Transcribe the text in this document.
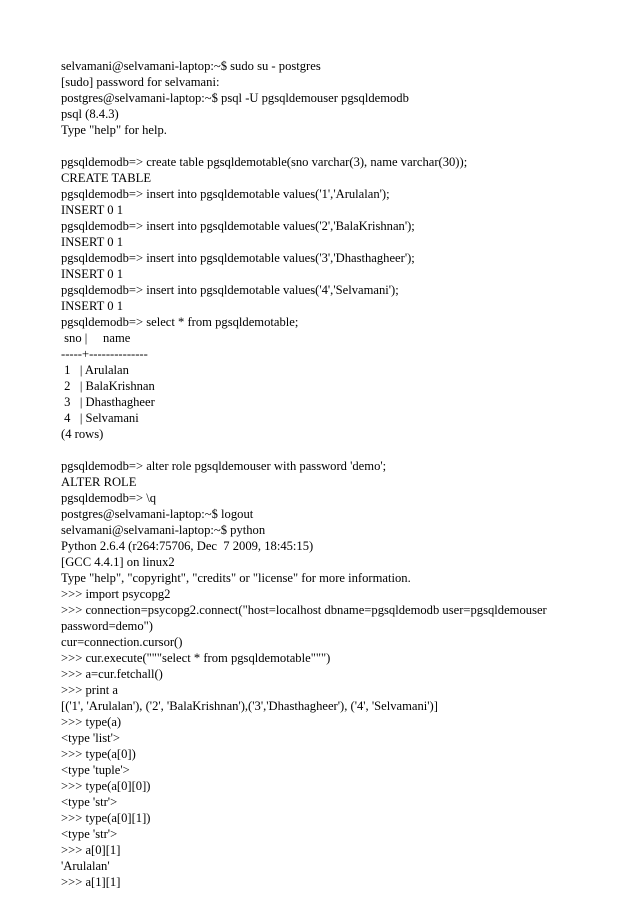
selvamani@selvamani-laptop:~$ sudo su - postgres
[sudo] password for selvamani:
postgres@selvamani-laptop:~$ psql -U pgsqldemouser pgsqldemodb
psql (8.4.3)
Type "help" for help.
pgsqldemodb=> create table pgsqldemotable(sno varchar(3), name varchar(30));
CREATE TABLE
pgsqldemodb=> insert into pgsqldemotable values('1','Arulalan');
INSERT 0 1
pgsqldemodb=> insert into pgsqldemotable values('2','BalaKrishnan');
INSERT 0 1
pgsqldemodb=> insert into pgsqldemotable values('3','Dhasthagheer');
INSERT 0 1
pgsqldemodb=> insert into pgsqldemotable values('4','Selvamani');
INSERT 0 1
pgsqldemodb=> select * from pgsqldemotable;
sno |     name
-----+--------------
1   | Arulalan
2   | BalaKrishnan
3   | Dhasthagheer
4   | Selvamani
(4 rows)
pgsqldemodb=> alter role pgsqldemouser with password 'demo';
ALTER ROLE
pgsqldemodb=> \q
postgres@selvamani-laptop:~$ logout
selvamani@selvamani-laptop:~$ python
Python 2.6.4 (r264:75706, Dec  7 2009, 18:45:15)
[GCC 4.4.1] on linux2
Type "help", "copyright", "credits" or "license" for more information.
>>> import psycopg2
>>> connection=psycopg2.connect("host=localhost dbname=pgsqldemodb user=pgsqldemouser
password=demo")
cur=connection.cursor()
>>> cur.execute("""select * from pgsqldemotable""")
>>> a=cur.fetchall()
>>> print a
[('1', 'Arulalan'), ('2', 'BalaKrishnan'),('3','Dhasthagheer'), ('4', 'Selvamani')]
>>> type(a)
<type 'list'>
>>> type(a[0])
<type 'tuple'>
>>> type(a[0][0])
<type 'str'>
>>> type(a[0][1])
<type 'str'>
>>> a[0][1]
'Arulalan'
>>> a[1][1]
